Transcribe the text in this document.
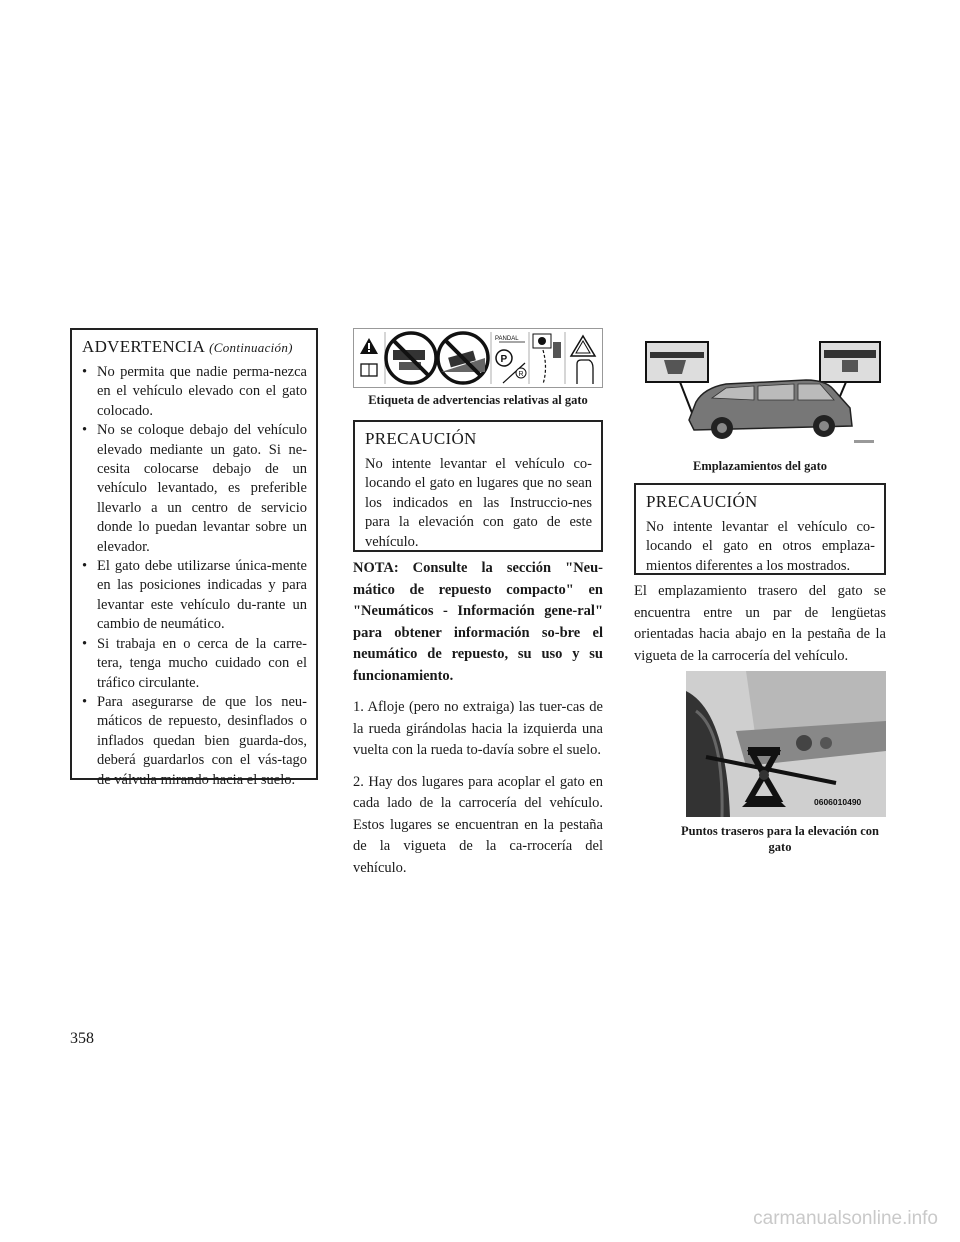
ADVERTENCIA (Continuación)
• No permita que nadie perma-nezca en el vehículo elevado con el gato colocado.
• No se coloque debajo del vehículo elevado mediante un gato. Si ne-cesita colocarse debajo de un vehículo levantado, es preferible llevarlo a un centro de servicio donde lo puedan levantar sobre un elevador.
• El gato debe utilizarse única-mente en las posiciones indicadas y para levantar este vehículo du-rante un cambio de neumático.
• Si trabaja en o cerca de la carre-tera, tenga mucho cuidado con el tráfico circulante.
• Para asegurarse de que los neu-máticos de repuesto, desinflados o inflados quedan bien guarda-dos, deberá guardarlos con el vás-tago de válvula mirando hacia el suelo.
PANDAL
P
R
Etiqueta de advertencias relativas al gato
PRECAUCIÓN
No intente levantar el vehículo co-locando el gato en lugares que no sean los indicados en las Instruccio-nes para la elevación con gato de este vehículo.

NOTA: Consulte la sección "Neu-mático de repuesto compacto" en "Neumáticos - Información gene-ral" para obtener información so-bre el neumático de repuesto, su uso y su funcionamiento.

1. Afloje (pero no extraiga) las tuer-cas de la rueda girándolas hacia la izquierda una vuelta con la rueda to-davía sobre el suelo.

2. Hay dos lugares para acoplar el gato en cada lado de la carrocería del vehículo. Estos lugares se encuentran en la pestaña de la vigueta de la ca-rrocería del vehículo.

Emplazamientos del gato
PRECAUCIÓN
No intente levantar el vehículo co-locando el gato en otros emplaza-mientos diferentes a los mostrados.

El emplazamiento trasero del gato se encuentra entre un par de lengüetas orientadas hacia abajo en la pestaña de la vigueta de la carrocería del vehículo.

0606010490
Puntos traseros para la elevación con gato
358
carmanualsonline.info
